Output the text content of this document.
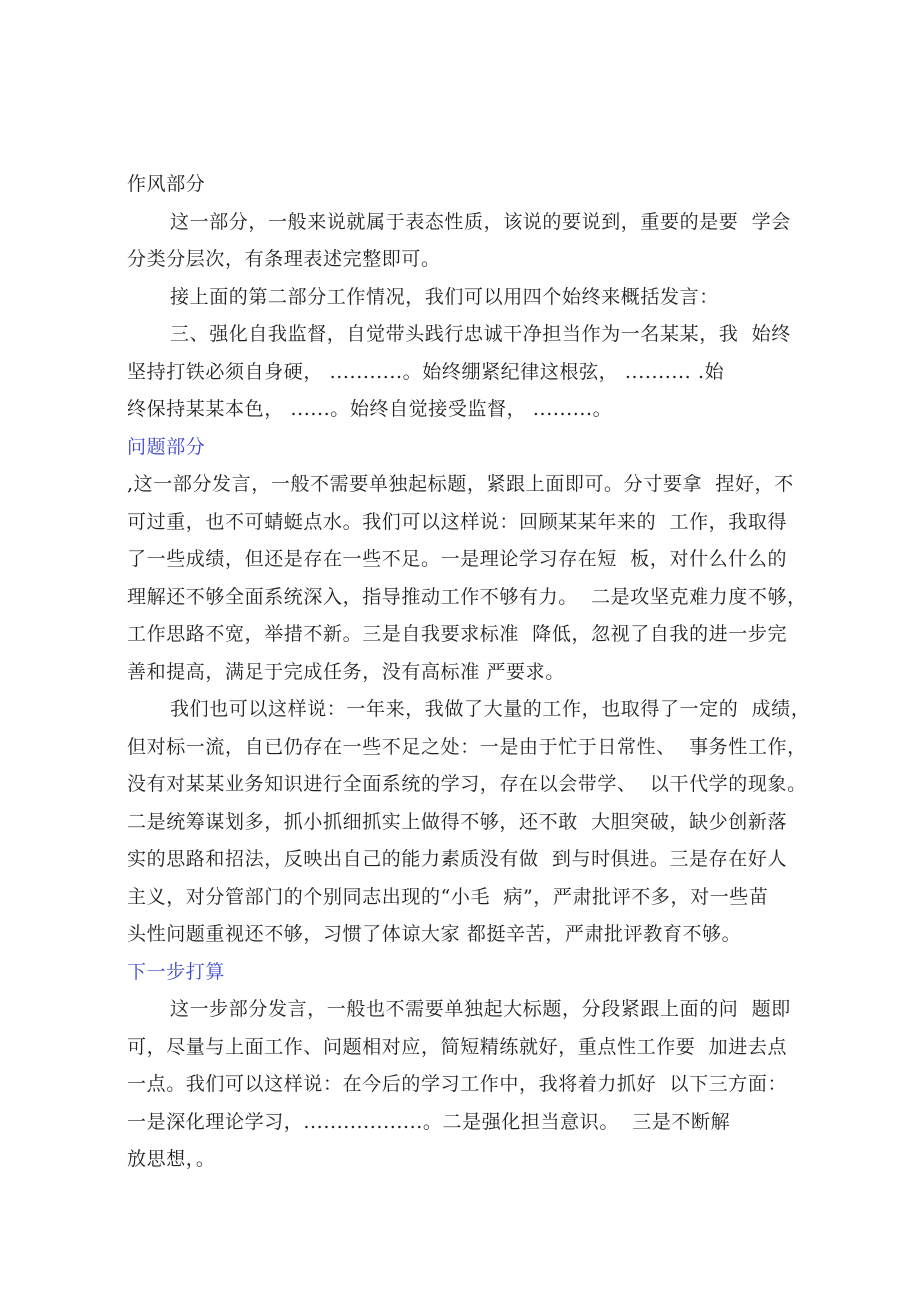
作风部分
这一部分，一般来说就属于表态性质，该说的要说到，重要的是要  学会
分类分层次，有条理表述完整即可。
接上面的第二部分工作情况，我们可以用四个始终来概括发言：
三、强化自我监督，自觉带头践行忠诚干净担当作为一名某某，我  始终
坚持打铁必须自身硬， ...........。始终绷紧纪律这根弦， .......... .始
终保持某某本色， ......。始终自觉接受监督， .........。
问题部分
,这一部分发言，一般不需要单独起标题，紧跟上面即可。分寸要拿  捏好，不
可过重，也不可蜻蜓点水。我们可以这样说：回顾某某年来的  工作，我取得
了一些成绩，但还是存在一些不足。一是理论学习存在短  板，对什么什么的
理解还不够全面系统深入，指导推动工作不够有力。  二是攻坚克难力度不够，
工作思路不宽，举措不新。三是自我要求标准  降低，忽视了自我的进一步完
善和提高，满足于完成任务，没有高标准 严要求。
我们也可以这样说：一年来，我做了大量的工作，也取得了一定的  成绩，
但对标一流，自已仍存在一些不足之处：一是由于忙于日常性、  事务性工作，
没有对某某业务知识进行全面系统的学习，存在以会带学、  以干代学的现象。
二是统筹谋划多，抓小抓细抓实上做得不够，还不敢  大胆突破，缺少创新落
实的思路和招法，反映出自己的能力素质没有做  到与时俱进。三是存在好人
主义，对分管部门的个别同志出现的“小毛  病”，严肃批评不多，对一些苗
头性问题重视还不够，习惯了体谅大家 都挺辛苦，严肃批评教育不够。
下一步打算
这一步部分发言，一般也不需要单独起大标题，分段紧跟上面的问  题即
可，尽量与上面工作、问题相对应，简短精练就好，重点性工作要  加进去点
一点。我们可以这样说：在今后的学习工作中，我将着力抓好  以下三方面：
一是深化理论学习，..................。二是强化担当意识。  三是不断解
放思想，。
